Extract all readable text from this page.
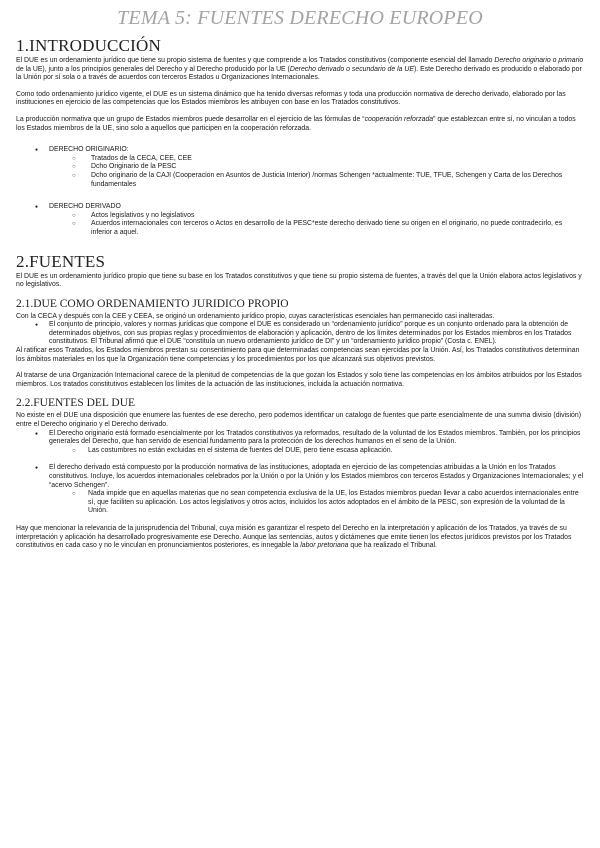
TEMA 5: FUENTES DERECHO EUROPEO
1.INTRODUCCIÓN

El DUE es un ordenamiento jurídico que tiene su propio sistema de fuentes y que comprende a los Tratados constitutivos (componente esencial del llamado Derecho originario o primario de la UE), junto a los principios generales del Derecho y al Derecho producido por la UE (Derecho derivado o secundario de la UE). Este Derecho derivado es producido o elaborado por la Unión por sí sola o a través de acuerdos con terceros Estados u Organizaciones Internacionales.

Como todo ordenamiento jurídico vigente, el DUE es un sistema dinámico que ha tenido diversas reformas y toda una producción normativa de derecho derivado, elaborado por las instituciones en ejercicio de las competencias que los Estados miembros les atribuyen con base en los Tratados constitutivos.

La producción normativa que un grupo de Estados miembros puede desarrollar en el ejercicio de las fórmulas de “cooperación reforzada” que establezcan entre sí, no vinculan a todos los Estados miembros de la UE, sino solo a aquellos que participen en la cooperación reforzada.

● DERECHO ORIGINARIO:
○ Tratados de la CECA, CEE, CEE
○ Dcho Originario de la PESC
○ Dcho originario de la CAJI (Cooperacion en Asuntos de Justicia Interior) /normas Schengen *actualmente: TUE, TFUE, Schengen y Carta de los Derechos fundamentales
● DERECHO DERIVADO
○ Actos legislativos y no legislativos
○ Acuerdos internacionales con terceros o Actos en desarrollo de la PESC*este derecho derivado tiene su origen en el originario, no puede contradecirlo, es inferior a aquel.
2.FUENTES

El DUE es un ordenamiento jurídico propio que tiene su base en los Tratados constitutivos y que tiene su propio sistema de fuentes, a través del que la Unión elabora actos legislativos y no legislativos.

2.1.DUE COMO ORDENAMIENTO JURIDICO PROPIO

Con la CECA y después con la CEE y CEEA, se originó un ordenamiento jurídico propio, cuyas características esenciales han permanecido casi inalteradas.

● El conjunto de principio, valores y normas jurídicas que compone el DUE es considerado un “ordenamiento jurídico” porque es un conjunto ordenado para la obtención de determinados objetivos, con sus propias reglas y procedimientos de elaboración y aplicación, dentro de los límites determinados por los Estados miembros en los Tratados constitutivos. El Tribunal afirmó que el DUE “constituía un nuevo ordenamiento jurídico de DI” y un “ordenamiento jurídico propio” (Costa c. ENEL).

Al ratificar esos Tratados, los Estados miembros prestan su consentimiento para que determinadas competencias sean ejercidas por la Unión. Así, los Tratados constitutivos determinan los ámbitos materiales en los que la Organización tiene competencias y los procedimientos por los que alcanzará sus objetivos previstos.

Al tratarse de una Organización Internacional carece de la plenitud de competencias de la que gozan los Estados y solo tiene las competencias en los ámbitos atribuidos por los Estados miembros. Los tratados constitutivos establecen los límites de la actuación de las instituciones, incluida la actuación normativa.

2.2.FUENTES DEL DUE

No existe en el DUE una disposición que enumere las fuentes de ese derecho, pero podemos identificar un catalogo de fuentes que parte esencialmente de una summa divisio (división) entre el Derecho originario y el Derecho derivado.

● El Derecho originario está formado esencialmente por los Tratados constitutivos ya reformados, resultado de la voluntad de los Estados miembros. También, por los principios generales del Derecho, que han servido de esencial fundamento para la protección de los derechos humanos en el seno de la Unión.
○ Las costumbres no están excluidas en el sistema de fuentes del DUE, pero tiene escasa aplicación.
● El derecho derivado está compuesto por la producción normativa de las instituciones, adoptada en ejercicio de las competencias atribuidas a la Unión en los Tratados constitutivos. Incluye, los acuerdos internacionales celebrados por la Unión o por la Unión y los Estados miembros con terceros Estados y Organizaciones Internacionales; y el “acervo Schengen”.
○ Nada impide que en aquellas materias que no sean competencia exclusiva de la UE, los Estados miembros puedan llevar a cabo acuerdos internacionales entre sí, que faciliten su aplicación. Los actos legislativos y otros actos, incluidos los actos adoptados en el ámbito de la PESC, son expresión de la voluntad de la Unión.

Hay que mencionar la relevancia de la jurisprudencia del Tribunal, cuya misión es garantizar el respeto del Derecho en la interpretación y aplicación de los Tratados, ya través de su interpretación y aplicación ha desarrollado progresivamente ese Derecho. Aunque las sentencias, autos y dictámenes que emite tienen los efectos jurídicos previstos por los Tratados constitutivos en cada caso y no le vinculan en pronunciamientos posteriores, es innegable la labor pretoriana que ha realizado el Tribunal.
